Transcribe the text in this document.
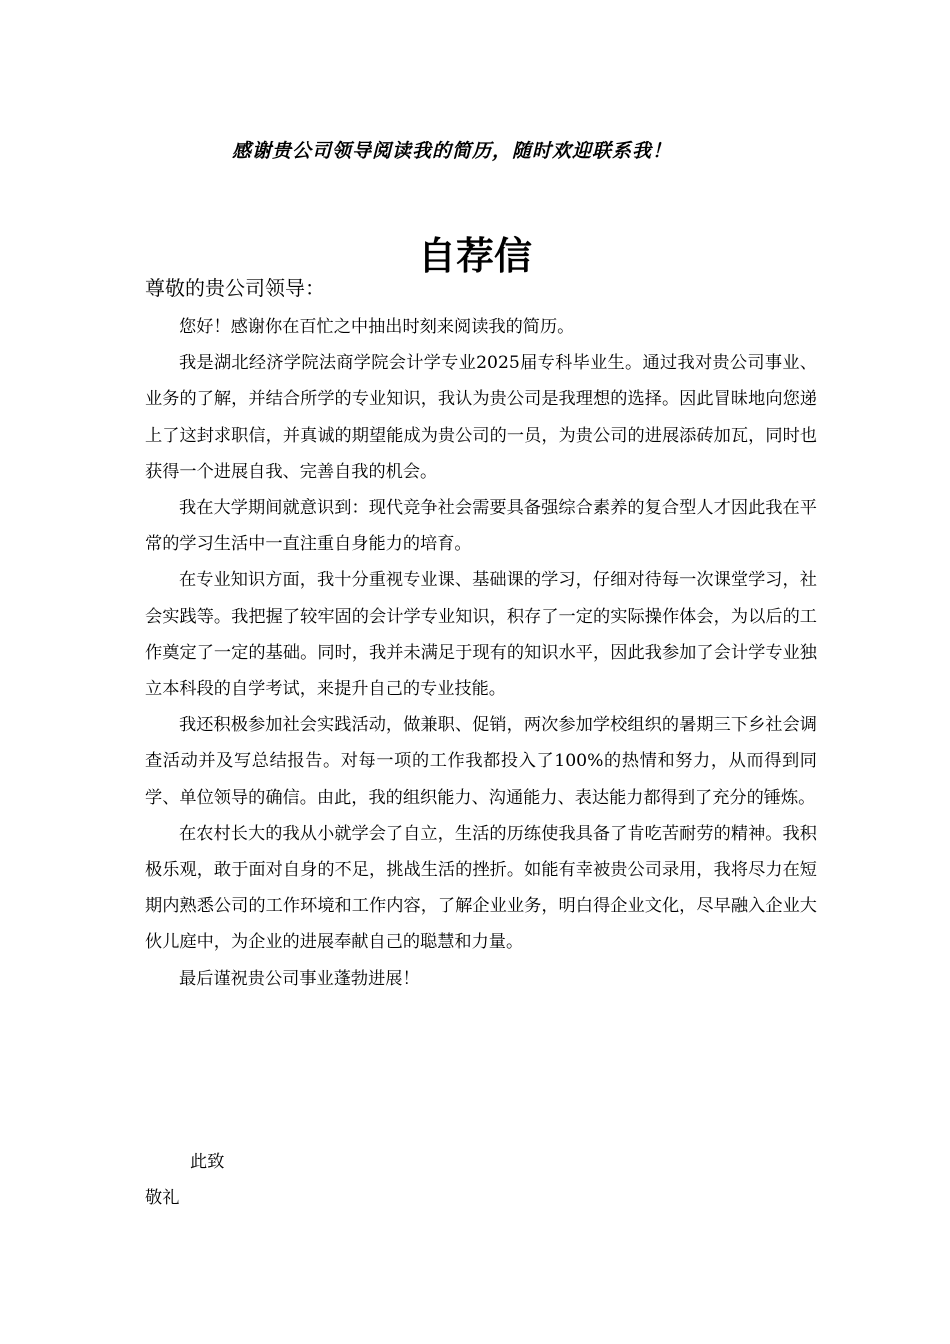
感谢贵公司领导阅读我的简历，随时欢迎联系我！
自荐信
尊敬的贵公司领导：

您好！感谢你在百忙之中抽出时刻来阅读我的简历。

我是湖北经济学院法商学院会计学专业2025届专科毕业生。通过我对贵公司事业、业务的了解，并结合所学的专业知识，我认为贵公司是我理想的选择。因此冒昧地向您递上了这封求职信，并真诚的期望能成为贵公司的一员，为贵公司的进展添砖加瓦，同时也获得一个进展自我、完善自我的机会。

我在大学期间就意识到：现代竞争社会需要具备强综合素养的复合型人才因此我在平常的学习生活中一直注重自身能力的培育。

在专业知识方面，我十分重视专业课、基础课的学习，仔细对待每一次课堂学习，社会实践等。我把握了较牢固的会计学专业知识，积存了一定的实际操作体会，为以后的工作奠定了一定的基础。同时，我并未满足于现有的知识水平，因此我参加了会计学专业独立本科段的自学考试，来提升自己的专业技能。

我还积极参加社会实践活动，做兼职、促销，两次参加学校组织的暑期三下乡社会调查活动并及写总结报告。对每一项的工作我都投入了100%的热情和努力，从而得到同学、单位领导的确信。由此，我的组织能力、沟通能力、表达能力都得到了充分的锤炼。

在农村长大的我从小就学会了自立，生活的历练使我具备了肯吃苦耐劳的精神。我积极乐观，敢于面对自身的不足，挑战生活的挫折。如能有幸被贵公司录用，我将尽力在短期内熟悉公司的工作环境和工作内容，了解企业业务，明白得企业文化，尽早融入企业大伙儿庭中，为企业的进展奉献自己的聪慧和力量。

最后谨祝贵公司事业蓬勃进展！

此致
敬礼
